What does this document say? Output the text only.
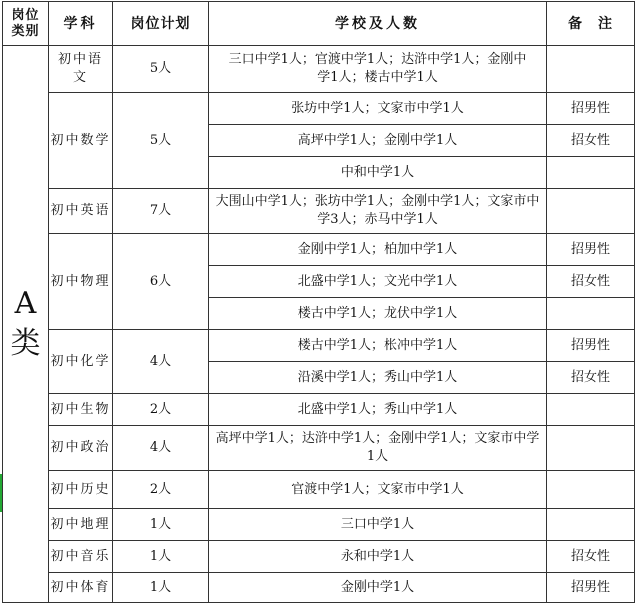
岗位类别	学科	岗位计划	学校及人数	备　注
A类	初中语文	5人	三口中学1人；官渡中学1人；达浒中学1人；金刚中学1人；楼古中学1人	
	初中数学	5人	张坊中学1人；文家市中学1人	招男性
			高坪中学1人；金刚中学1人	招女性
			中和中学1人	
	初中英语	7人	大围山中学1人；张坊中学1人；金刚中学1人；文家市中学3人；赤马中学1人	
	初中物理	6人	金刚中学1人；柏加中学1人	招男性
			北盛中学1人；文光中学1人	招女性
			楼古中学1人；龙伏中学1人	
	初中化学	4人	楼古中学1人；枨冲中学1人	招男性
			沿溪中学1人；秀山中学1人	招女性
	初中生物	2人	北盛中学1人；秀山中学1人	
	初中政治	4人	高坪中学1人；达浒中学1人；金刚中学1人；文家市中学1人	
	初中历史	2人	官渡中学1人；文家市中学1人	
	初中地理	1人	三口中学1人	
	初中音乐	1人	永和中学1人	招女性
	初中体育	1人	金刚中学1人	招男性
